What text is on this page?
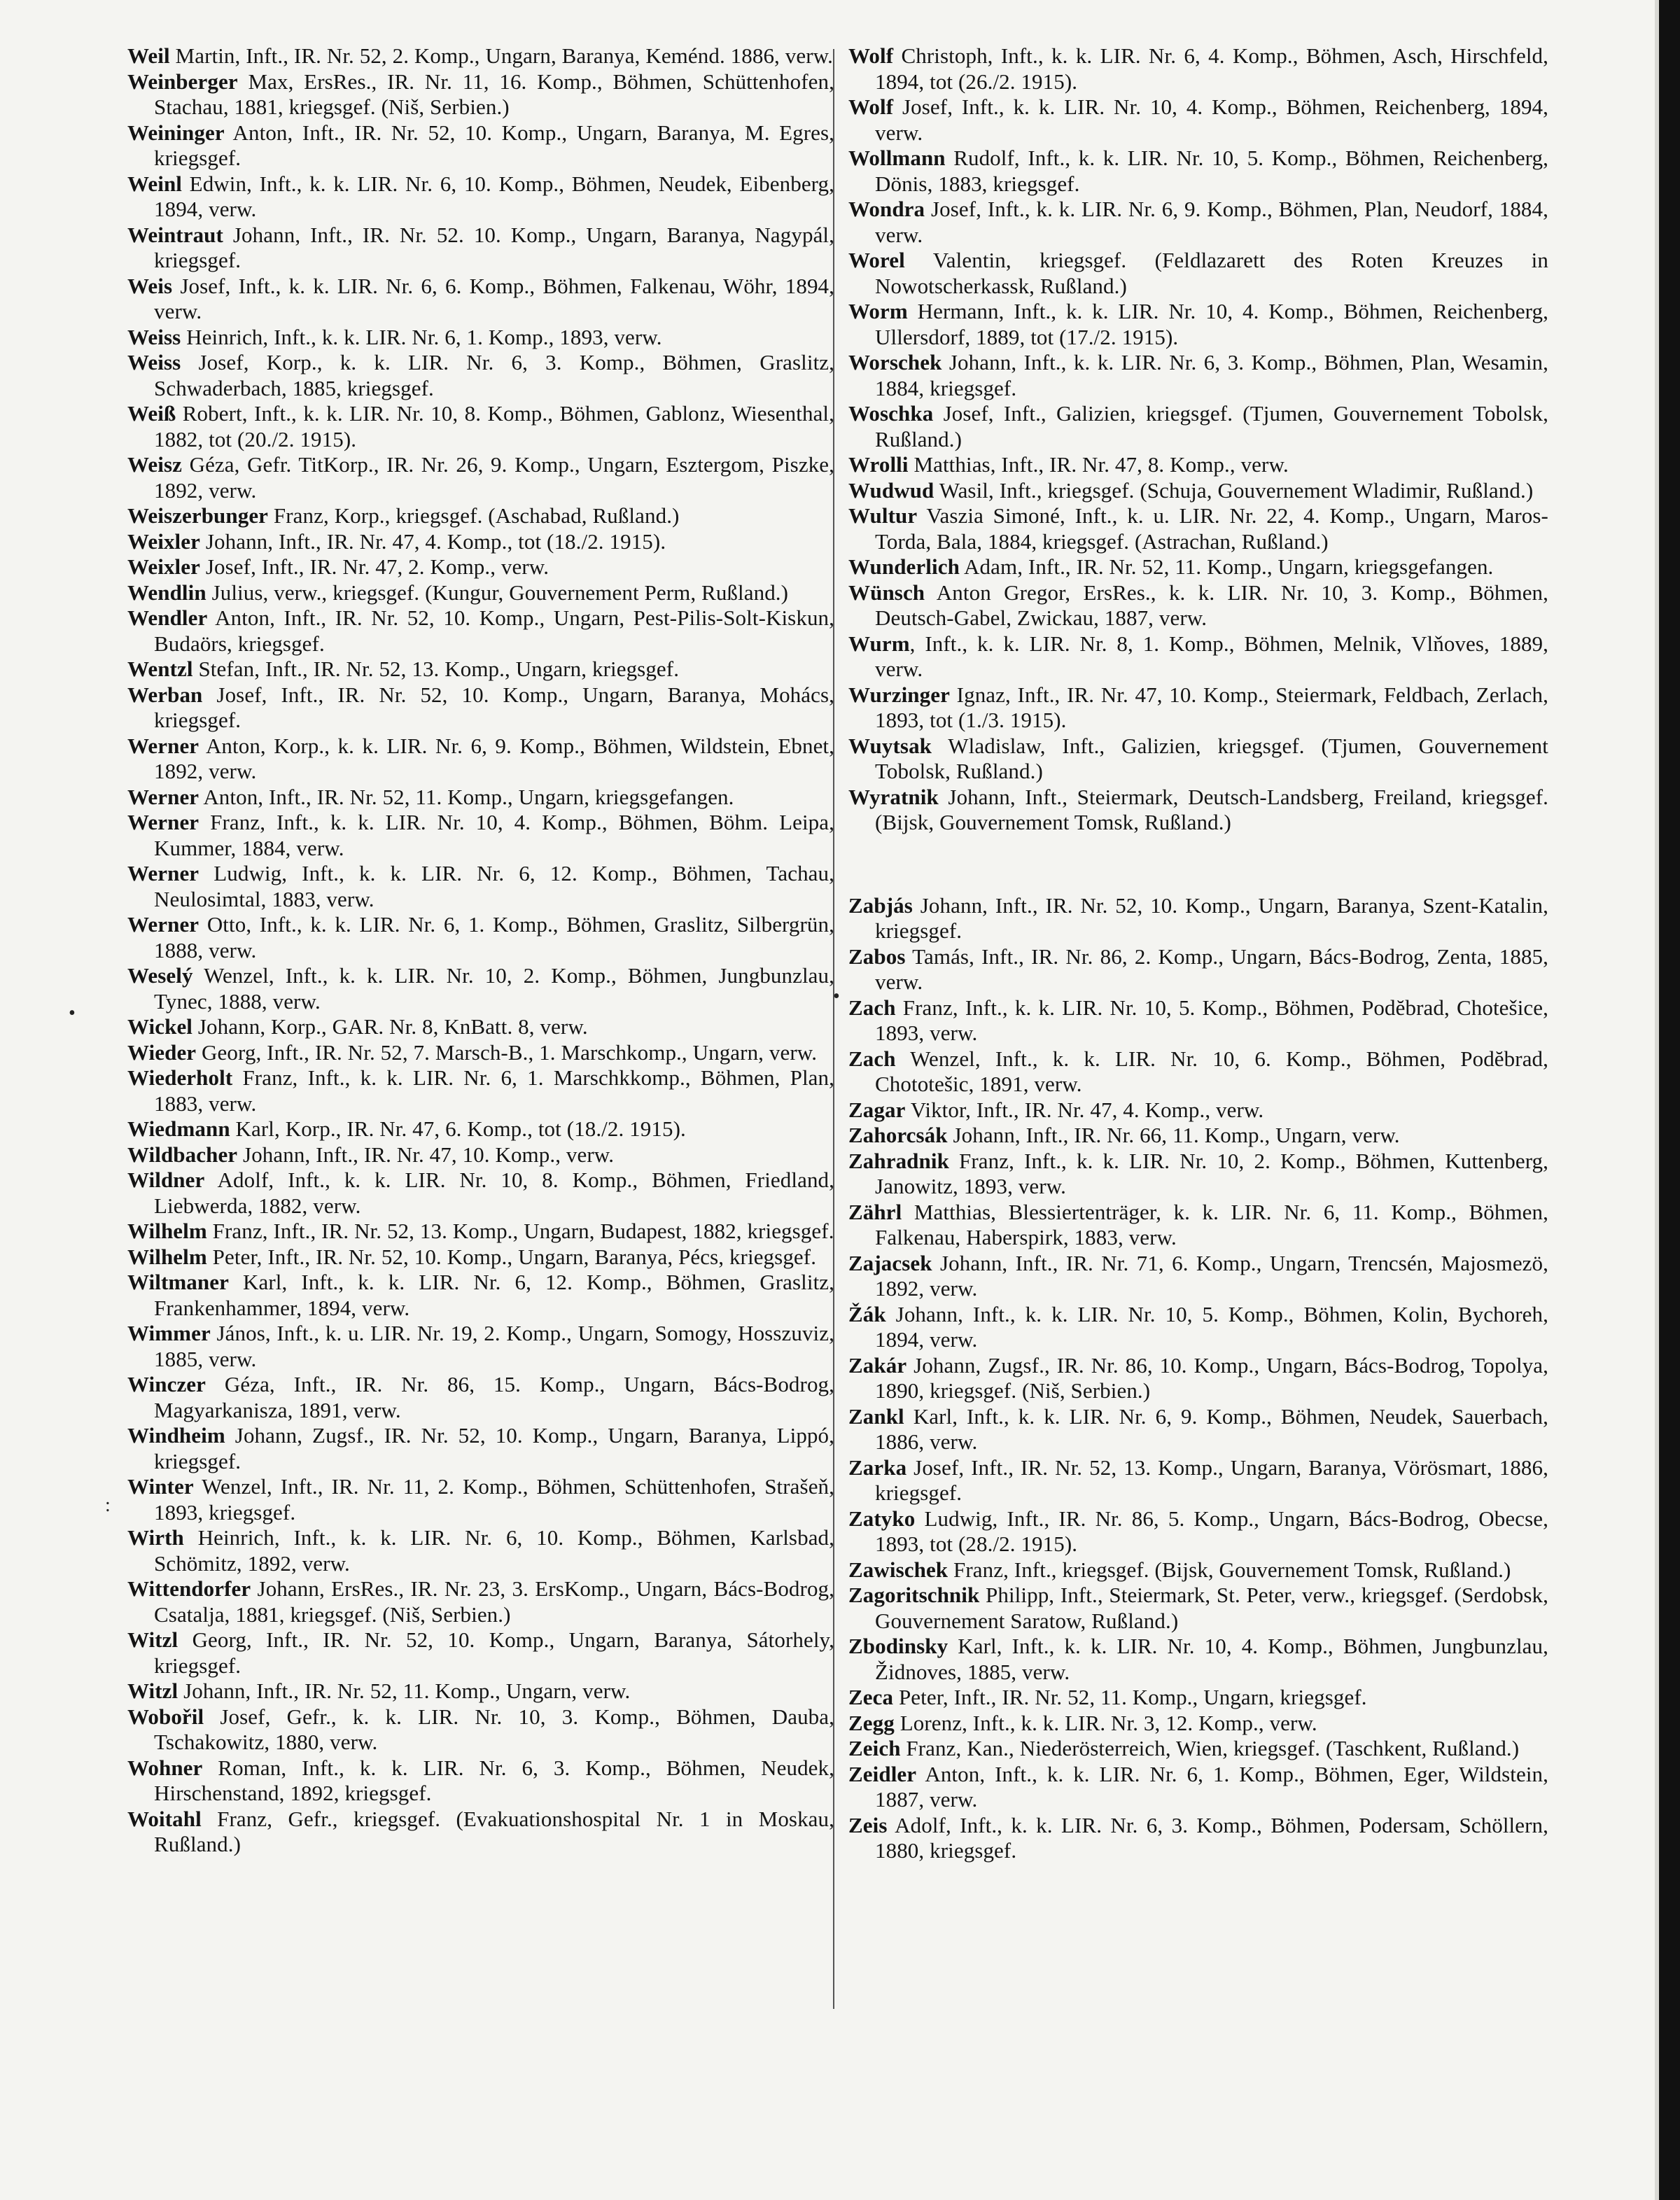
•
•
:
Weil Martin, Inft., IR. Nr. 52, 2. Komp., Ungarn, Baranya, Keménd. 1886, verw.
Weinberger Max, ErsRes., IR. Nr. 11, 16. Komp., Böhmen, Schüttenhofen, Stachau, 1881, kriegsgef. (Niš, Serbien.)
Weininger Anton, Inft., IR. Nr. 52, 10. Komp., Ungarn, Baranya, M. Egres, kriegsgef.
Weinl Edwin, Inft., k. k. LIR. Nr. 6, 10. Komp., Böhmen, Neudek, Eibenberg, 1894, verw.
Weintraut Johann, Inft., IR. Nr. 52. 10. Komp., Ungarn, Baranya, Nagypál, kriegsgef.
Weis Josef, Inft., k. k. LIR. Nr. 6, 6. Komp., Böhmen, Falkenau, Wöhr, 1894, verw.
Weiss Heinrich, Inft., k. k. LIR. Nr. 6, 1. Komp., 1893, verw.
Weiss Josef, Korp., k. k. LIR. Nr. 6, 3. Komp., Böhmen, Graslitz, Schwaderbach, 1885, kriegsgef.
Weiß Robert, Inft., k. k. LIR. Nr. 10, 8. Komp., Böhmen, Gablonz, Wiesenthal, 1882, tot (20./2. 1915).
Weisz Géza, Gefr. TitKorp., IR. Nr. 26, 9. Komp., Ungarn, Esztergom, Piszke, 1892, verw.
Weiszerbunger Franz, Korp., kriegsgef. (Aschabad, Rußland.)
Weixler Johann, Inft., IR. Nr. 47, 4. Komp., tot (18./2. 1915).
Weixler Josef, Inft., IR. Nr. 47, 2. Komp., verw.
Wendlin Julius, verw., kriegsgef. (Kungur, Gouvernement Perm, Rußland.)
Wendler Anton, Inft., IR. Nr. 52, 10. Komp., Ungarn, Pest-Pilis-Solt-Kiskun, Budaörs, kriegsgef.
Wentzl Stefan, Inft., IR. Nr. 52, 13. Komp., Ungarn, kriegsgef.
Werban Josef, Inft., IR. Nr. 52, 10. Komp., Ungarn, Baranya, Mohács, kriegsgef.
Werner Anton, Korp., k. k. LIR. Nr. 6, 9. Komp., Böhmen, Wildstein, Ebnet, 1892, verw.
Werner Anton, Inft., IR. Nr. 52, 11. Komp., Ungarn, kriegsgefangen.
Werner Franz, Inft., k. k. LIR. Nr. 10, 4. Komp., Böhmen, Böhm. Leipa, Kummer, 1884, verw.
Werner Ludwig, Inft., k. k. LIR. Nr. 6, 12. Komp., Böhmen, Tachau, Neulosimtal, 1883, verw.
Werner Otto, Inft., k. k. LIR. Nr. 6, 1. Komp., Böhmen, Graslitz, Silbergrün, 1888, verw.
Weselý Wenzel, Inft., k. k. LIR. Nr. 10, 2. Komp., Böhmen, Jungbunzlau, Tynec, 1888, verw.
Wickel Johann, Korp., GAR. Nr. 8, KnBatt. 8, verw.
Wieder Georg, Inft., IR. Nr. 52, 7. Marsch-B., 1. Marschkomp., Ungarn, verw.
Wiederholt Franz, Inft., k. k. LIR. Nr. 6, 1. Marschkkomp., Böhmen, Plan, 1883, verw.
Wiedmann Karl, Korp., IR. Nr. 47, 6. Komp., tot (18./2. 1915).
Wildbacher Johann, Inft., IR. Nr. 47, 10. Komp., verw.
Wildner Adolf, Inft., k. k. LIR. Nr. 10, 8. Komp., Böhmen, Friedland, Liebwerda, 1882, verw.
Wilhelm Franz, Inft., IR. Nr. 52, 13. Komp., Ungarn, Budapest, 1882, kriegsgef.
Wilhelm Peter, Inft., IR. Nr. 52, 10. Komp., Ungarn, Baranya, Pécs, kriegsgef.
Wiltmaner Karl, Inft., k. k. LIR. Nr. 6, 12. Komp., Böhmen, Graslitz, Frankenhammer, 1894, verw.
Wimmer János, Inft., k. u. LIR. Nr. 19, 2. Komp., Ungarn, Somogy, Hosszuviz, 1885, verw.
Winczer Géza, Inft., IR. Nr. 86, 15. Komp., Ungarn, Bács-Bodrog, Magyarkanisza, 1891, verw.
Windheim Johann, Zugsf., IR. Nr. 52, 10. Komp., Ungarn, Baranya, Lippó, kriegsgef.
Winter Wenzel, Inft., IR. Nr. 11, 2. Komp., Böhmen, Schüttenhofen, Strašeň, 1893, kriegsgef.
Wirth Heinrich, Inft., k. k. LIR. Nr. 6, 10. Komp., Böhmen, Karlsbad, Schömitz, 1892, verw.
Wittendorfer Johann, ErsRes., IR. Nr. 23, 3. ErsKomp., Ungarn, Bács-Bodrog, Csatalja, 1881, kriegsgef. (Niš, Serbien.)
Witzl Georg, Inft., IR. Nr. 52, 10. Komp., Ungarn, Baranya, Sátorhely, kriegsgef.
Witzl Johann, Inft., IR. Nr. 52, 11. Komp., Ungarn, verw.
Wobořil Josef, Gefr., k. k. LIR. Nr. 10, 3. Komp., Böhmen, Dauba, Tschakowitz, 1880, verw.
Wohner Roman, Inft., k. k. LIR. Nr. 6, 3. Komp., Böhmen, Neudek, Hirschenstand, 1892, kriegsgef.
Woitahl Franz, Gefr., kriegsgef. (Evakuationshospital Nr. 1 in Moskau, Rußland.)
Wolf Christoph, Inft., k. k. LIR. Nr. 6, 4. Komp., Böhmen, Asch, Hirschfeld, 1894, tot (26./2. 1915).
Wolf Josef, Inft., k. k. LIR. Nr. 10, 4. Komp., Böhmen, Reichenberg, 1894, verw.
Wollmann Rudolf, Inft., k. k. LIR. Nr. 10, 5. Komp., Böhmen, Reichenberg, Dönis, 1883, kriegsgef.
Wondra Josef, Inft., k. k. LIR. Nr. 6, 9. Komp., Böhmen, Plan, Neudorf, 1884, verw.
Worel Valentin, kriegsgef. (Feldlazarett des Roten Kreuzes in Nowotscherkassk, Rußland.)
Worm Hermann, Inft., k. k. LIR. Nr. 10, 4. Komp., Böhmen, Reichenberg, Ullersdorf, 1889, tot (17./2. 1915).
Worschek Johann, Inft., k. k. LIR. Nr. 6, 3. Komp., Böhmen, Plan, Wesamin, 1884, kriegsgef.
Woschka Josef, Inft., Galizien, kriegsgef. (Tjumen, Gouvernement Tobolsk, Rußland.)
Wrolli Matthias, Inft., IR. Nr. 47, 8. Komp., verw.
Wudwud Wasil, Inft., kriegsgef. (Schuja, Gouvernement Wladimir, Rußland.)
Wultur Vaszia Simoné, Inft., k. u. LIR. Nr. 22, 4. Komp., Ungarn, Maros-Torda, Bala, 1884, kriegsgef. (Astrachan, Rußland.)
Wunderlich Adam, Inft., IR. Nr. 52, 11. Komp., Ungarn, kriegsgefangen.
Wünsch Anton Gregor, ErsRes., k. k. LIR. Nr. 10, 3. Komp., Böhmen, Deutsch-Gabel, Zwickau, 1887, verw.
Wurm, Inft., k. k. LIR. Nr. 8, 1. Komp., Böhmen, Melnik, Vlňoves, 1889, verw.
Wurzinger Ignaz, Inft., IR. Nr. 47, 10. Komp., Steiermark, Feldbach, Zerlach, 1893, tot (1./3. 1915).
Wuytsak Wladislaw, Inft., Galizien, kriegsgef. (Tjumen, Gouvernement Tobolsk, Rußland.)
Wyratnik Johann, Inft., Steiermark, Deutsch-Landsberg, Freiland, kriegsgef. (Bijsk, Gouvernement Tomsk, Rußland.)
Zabjás Johann, Inft., IR. Nr. 52, 10. Komp., Ungarn, Baranya, Szent-Katalin, kriegsgef.
Zabos Tamás, Inft., IR. Nr. 86, 2. Komp., Ungarn, Bács-Bodrog, Zenta, 1885, verw.
Zach Franz, Inft., k. k. LIR. Nr. 10, 5. Komp., Böhmen, Podĕbrad, Chotešice, 1893, verw.
Zach Wenzel, Inft., k. k. LIR. Nr. 10, 6. Komp., Böhmen, Podĕbrad, Chototešic, 1891, verw.
Zagar Viktor, Inft., IR. Nr. 47, 4. Komp., verw.
Zahorcsák Johann, Inft., IR. Nr. 66, 11. Komp., Ungarn, verw.
Zahradnik Franz, Inft., k. k. LIR. Nr. 10, 2. Komp., Böhmen, Kuttenberg, Janowitz, 1893, verw.
Zährl Matthias, Blessiertenträger, k. k. LIR. Nr. 6, 11. Komp., Böhmen, Falkenau, Haberspirk, 1883, verw.
Zajacsek Johann, Inft., IR. Nr. 71, 6. Komp., Ungarn, Trencsén, Majosmezö, 1892, verw.
Žák Johann, Inft., k. k. LIR. Nr. 10, 5. Komp., Böhmen, Kolin, Bychoreh, 1894, verw.
Zakár Johann, Zugsf., IR. Nr. 86, 10. Komp., Ungarn, Bács-Bodrog, Topolya, 1890, kriegsgef. (Niš, Serbien.)
Zankl Karl, Inft., k. k. LIR. Nr. 6, 9. Komp., Böhmen, Neudek, Sauerbach, 1886, verw.
Zarka Josef, Inft., IR. Nr. 52, 13. Komp., Ungarn, Baranya, Vörösmart, 1886, kriegsgef.
Zatyko Ludwig, Inft., IR. Nr. 86, 5. Komp., Ungarn, Bács-Bodrog, Obecse, 1893, tot (28./2. 1915).
Zawischek Franz, Inft., kriegsgef. (Bijsk, Gouvernement Tomsk, Rußland.)
Zagoritschnik Philipp, Inft., Steiermark, St. Peter, verw., kriegsgef. (Serdobsk, Gouvernement Saratow, Rußland.)
Zbodinsky Karl, Inft., k. k. LIR. Nr. 10, 4. Komp., Böhmen, Jungbunzlau, Židnoves, 1885, verw.
Zeca Peter, Inft., IR. Nr. 52, 11. Komp., Ungarn, kriegsgef.
Zegg Lorenz, Inft., k. k. LIR. Nr. 3, 12. Komp., verw.
Zeich Franz, Kan., Niederösterreich, Wien, kriegsgef. (Taschkent, Rußland.)
Zeidler Anton, Inft., k. k. LIR. Nr. 6, 1. Komp., Böhmen, Eger, Wildstein, 1887, verw.
Zeis Adolf, Inft., k. k. LIR. Nr. 6, 3. Komp., Böhmen, Podersam, Schöllern, 1880, kriegsgef.
